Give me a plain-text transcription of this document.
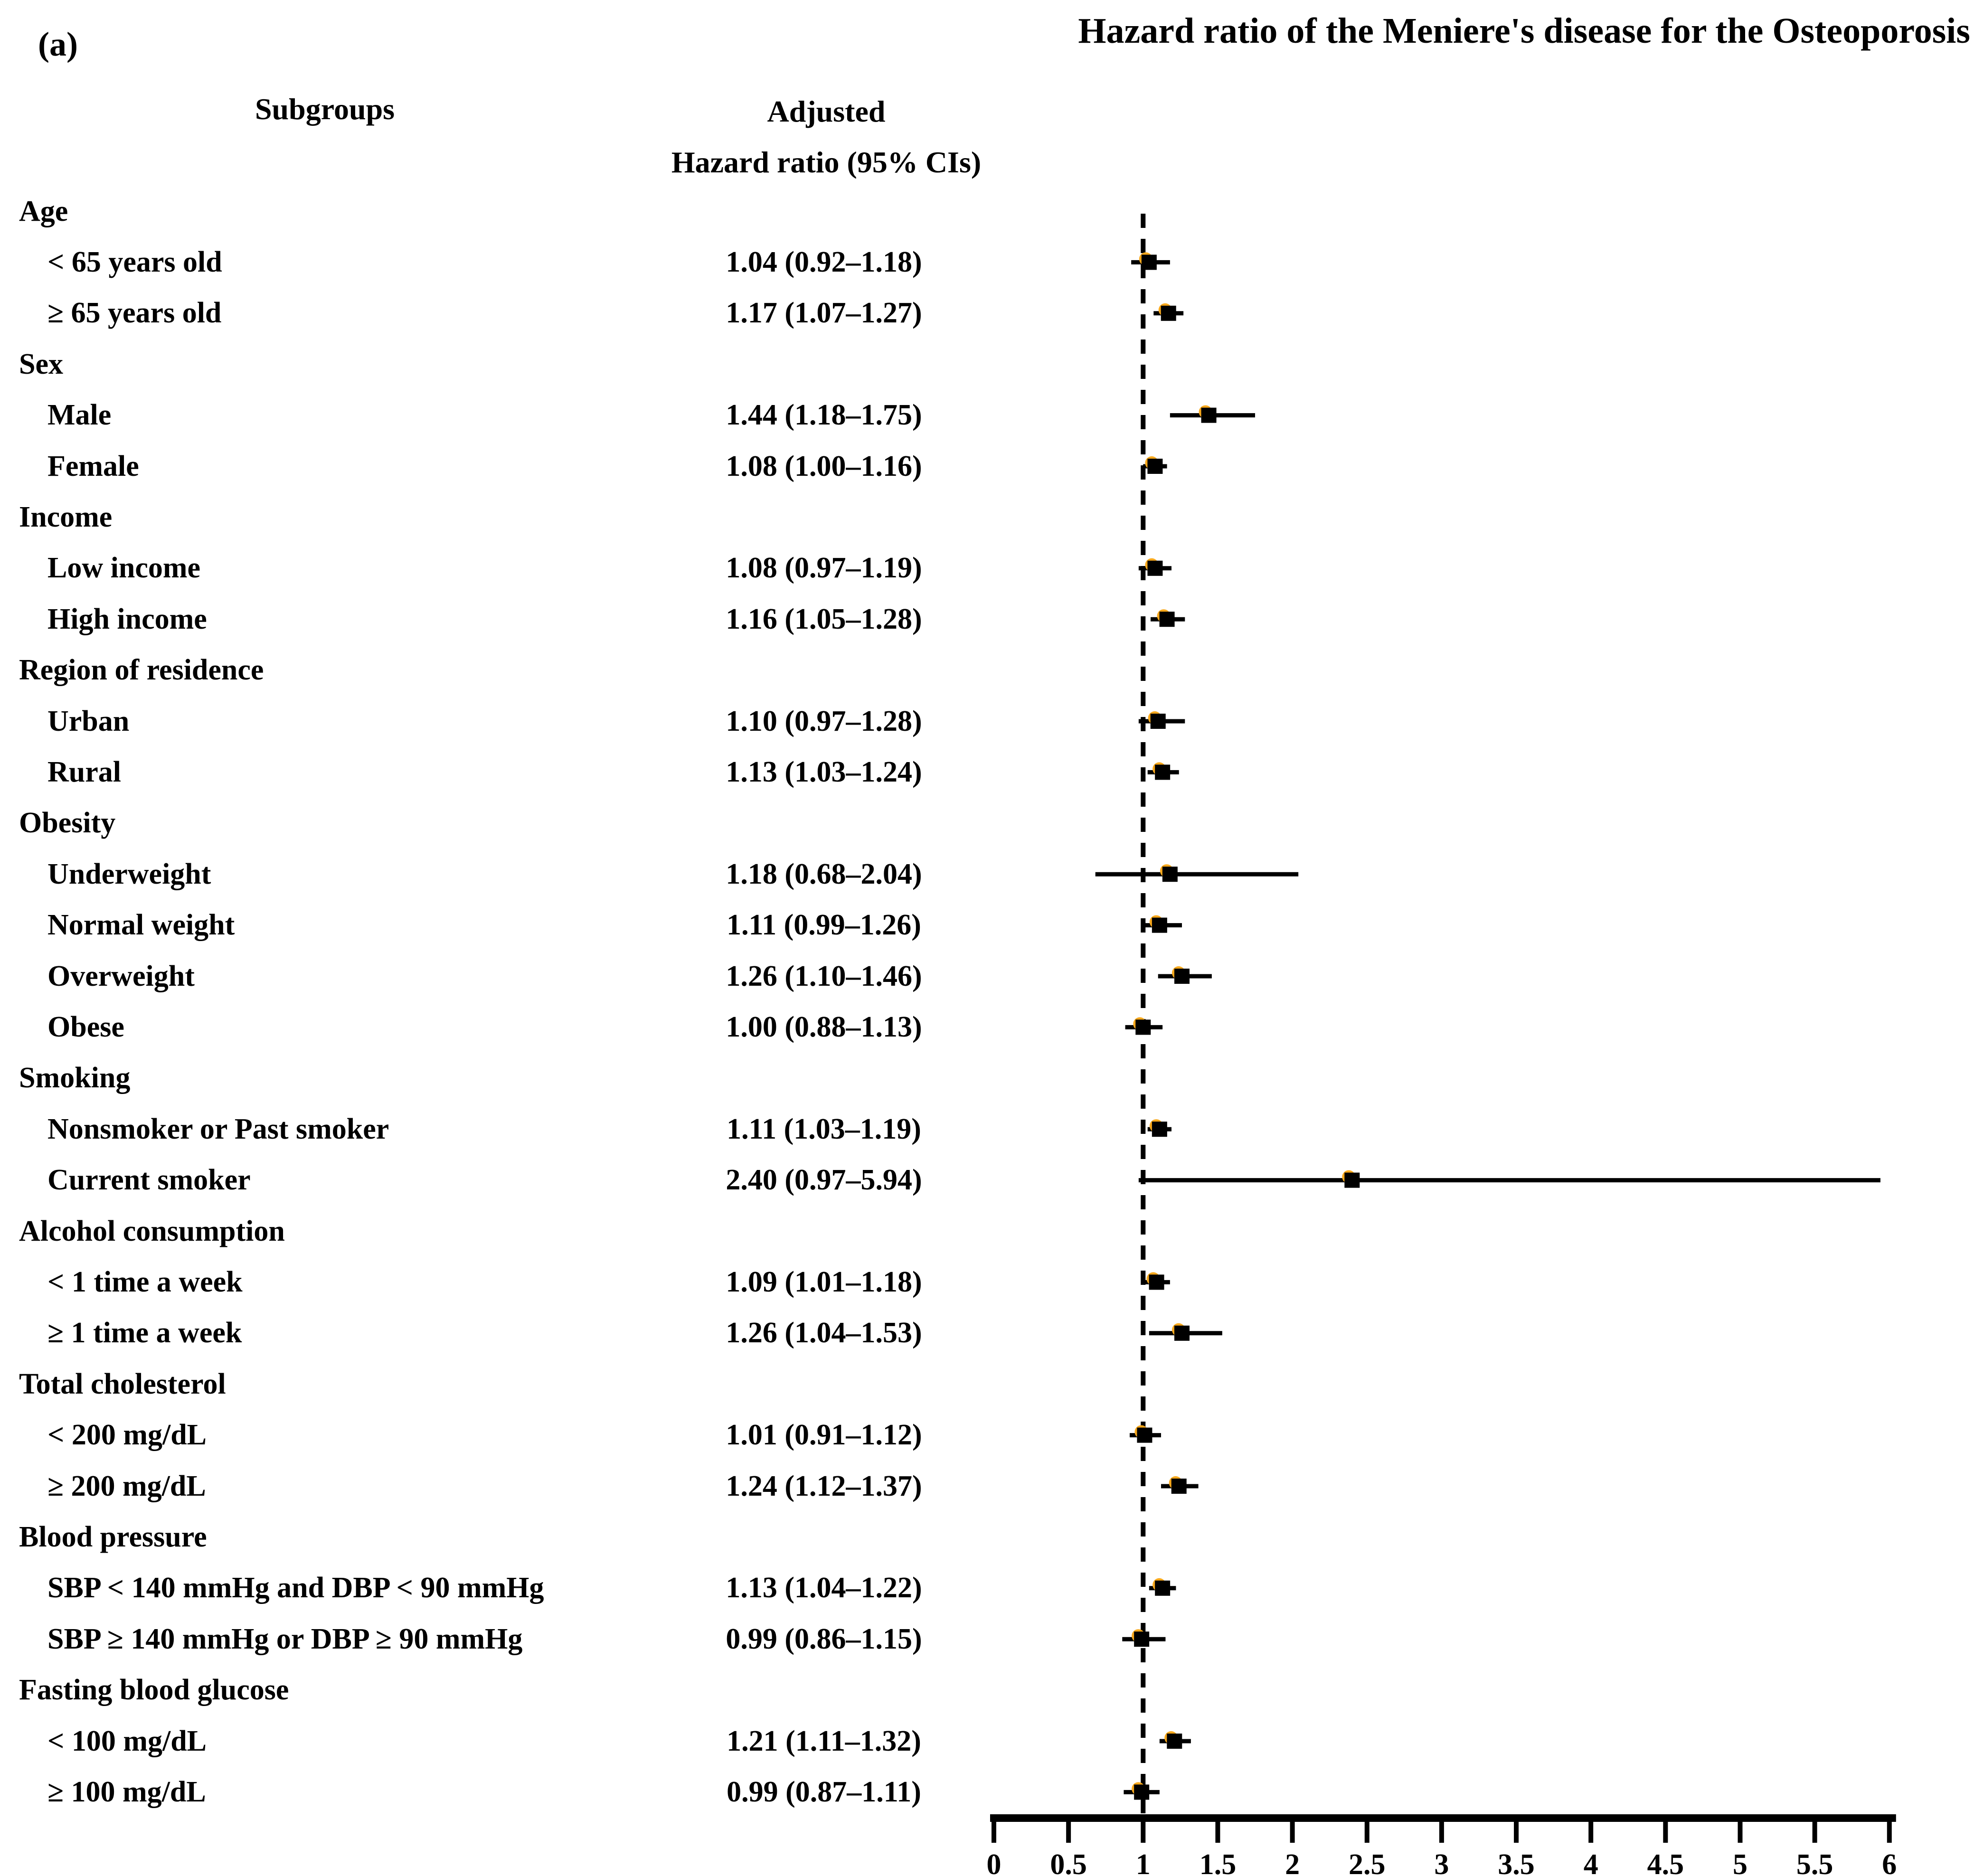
(a)	Hazard ratio of the Meniere's disease for the Osteoporosis
Subgroups	Adjusted
Hazard ratio (95% CIs)
Age
< 65 years old	1.04 (0.92–1.18)
≥ 65 years old	1.17 (1.07–1.27)
Sex
Male	1.44 (1.18–1.75)
Female	1.08 (1.00–1.16)
Income
Low income	1.08 (0.97–1.19)
High income	1.16 (1.05–1.28)
Region of residence
Urban	1.10 (0.97–1.28)
Rural	1.13 (1.03–1.24)
Obesity
Underweight	1.18 (0.68–2.04)
Normal weight	1.11 (0.99–1.26)
Overweight	1.26 (1.10–1.46)
Obese	1.00 (0.88–1.13)
Smoking
Nonsmoker or Past smoker	1.11 (1.03–1.19)
Current smoker	2.40 (0.97–5.94)
Alcohol consumption
< 1 time a week	1.09 (1.01–1.18)
≥ 1 time a week	1.26 (1.04–1.53)
Total cholesterol
< 200 mg/dL	1.01 (0.91–1.12)
≥ 200 mg/dL	1.24 (1.12–1.37)
Blood pressure
SBP < 140 mmHg and DBP < 90 mmHg	1.13 (1.04–1.22)
SBP ≥ 140 mmHg or DBP ≥ 90 mmHg	0.99 (0.86–1.15)
Fasting blood glucose
< 100 mg/dL	1.21 (1.11–1.32)
≥ 100 mg/dL	0.99 (0.87–1.11)
0 0.5 1 1.5 2 2.5 3 3.5 4 4.5 5 5.5 6
